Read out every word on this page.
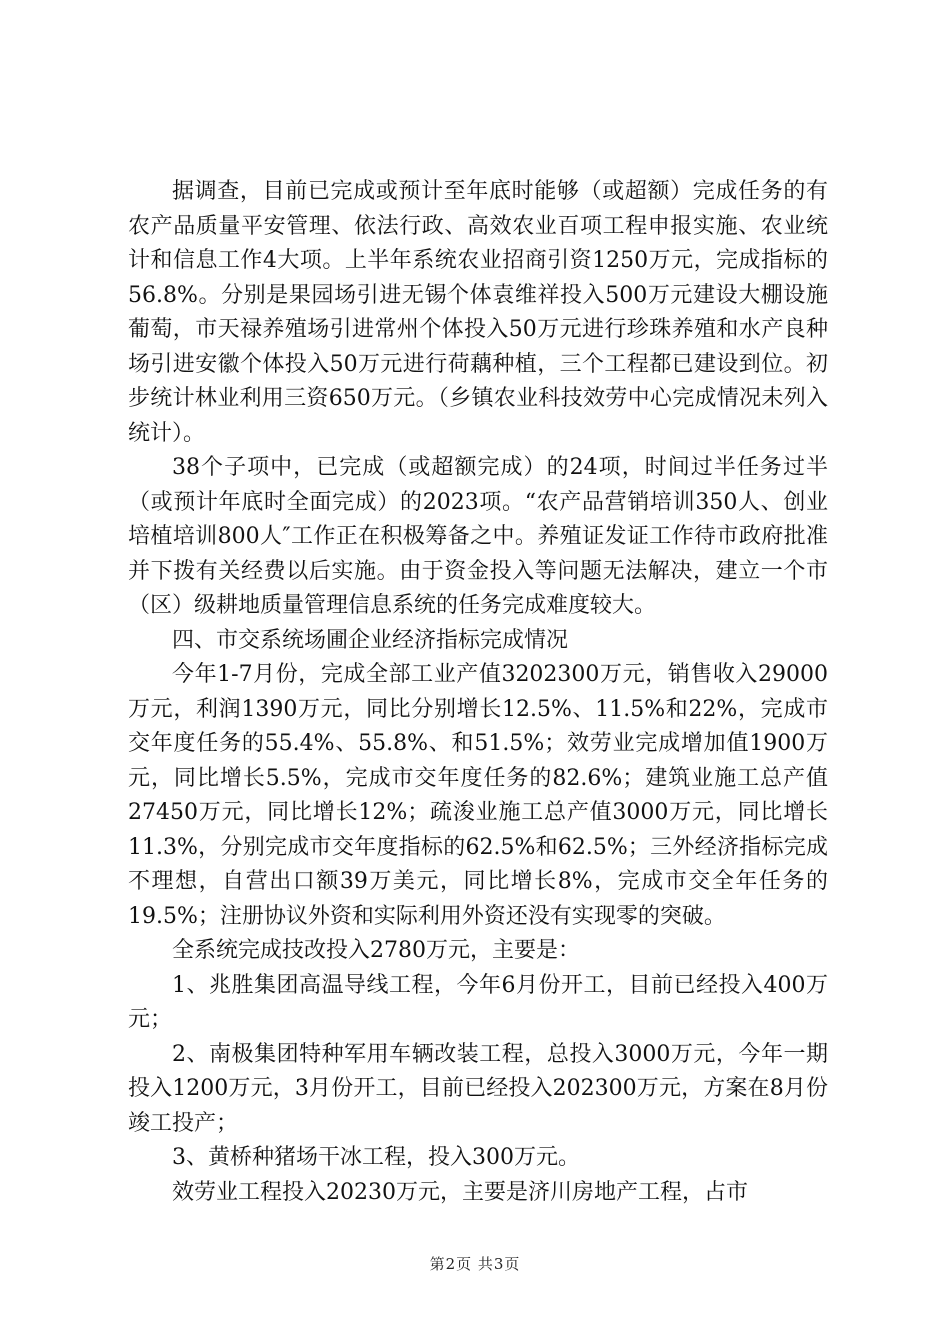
据调查，目前已完成或预计至年底时能够（或超额）完成任务的有农产品质量平安管理、依法行政、高效农业百项工程申报实施、农业统计和信息工作4大项。上半年系统农业招商引资1250万元，完成指标的56.8%。分别是果园场引进无锡个体袁维祥投入500万元建设大棚设施葡萄，市天禄养殖场引进常州个体投入50万元进行珍珠养殖和水产良种场引进安徽个体投入50万元进行荷藕种植，三个工程都已建设到位。初步统计林业利用三资650万元。（乡镇农业科技效劳中心完成情况未列入统计）。

38个子项中，已完成（或超额完成）的24项，时间过半任务过半（或预计年底时全面完成）的2023项。“农产品营销培训350人、创业培植培训800人″工作正在积极筹备之中。养殖证发证工作待市政府批准并下拨有关经费以后实施。由于资金投入等问题无法解决，建立一个市（区）级耕地质量管理信息系统的任务完成难度较大。

四、市交系统场圃企业经济指标完成情况

今年1-7月份，完成全部工业产值3202300万元，销售收入29000万元，利润1390万元，同比分别增长12.5%、11.5%和22%，完成市交年度任务的55.4%、55.8%、和51.5%；效劳业完成增加值1900万元，同比增长5.5%，完成市交年度任务的82.6%；建筑业施工总产值27450万元，同比增长12%；疏浚业施工总产值3000万元，同比增长11.3%，分别完成市交年度指标的62.5%和62.5%；三外经济指标完成不理想，自营出口额39万美元，同比增长8%，完成市交全年任务的19.5%；注册协议外资和实际利用外资还没有实现零的突破。

全系统完成技改投入2780万元，主要是：

1、兆胜集团高温导线工程，今年6月份开工，目前已经投入400万元；

2、南极集团特种军用车辆改装工程，总投入3000万元，今年一期投入1200万元，3月份开工，目前已经投入202300万元，方案在8月份竣工投产；

3、黄桥种猪场干冰工程，投入300万元。

效劳业工程投入20230万元，主要是济川房地产工程，占市

第2页 共3页
